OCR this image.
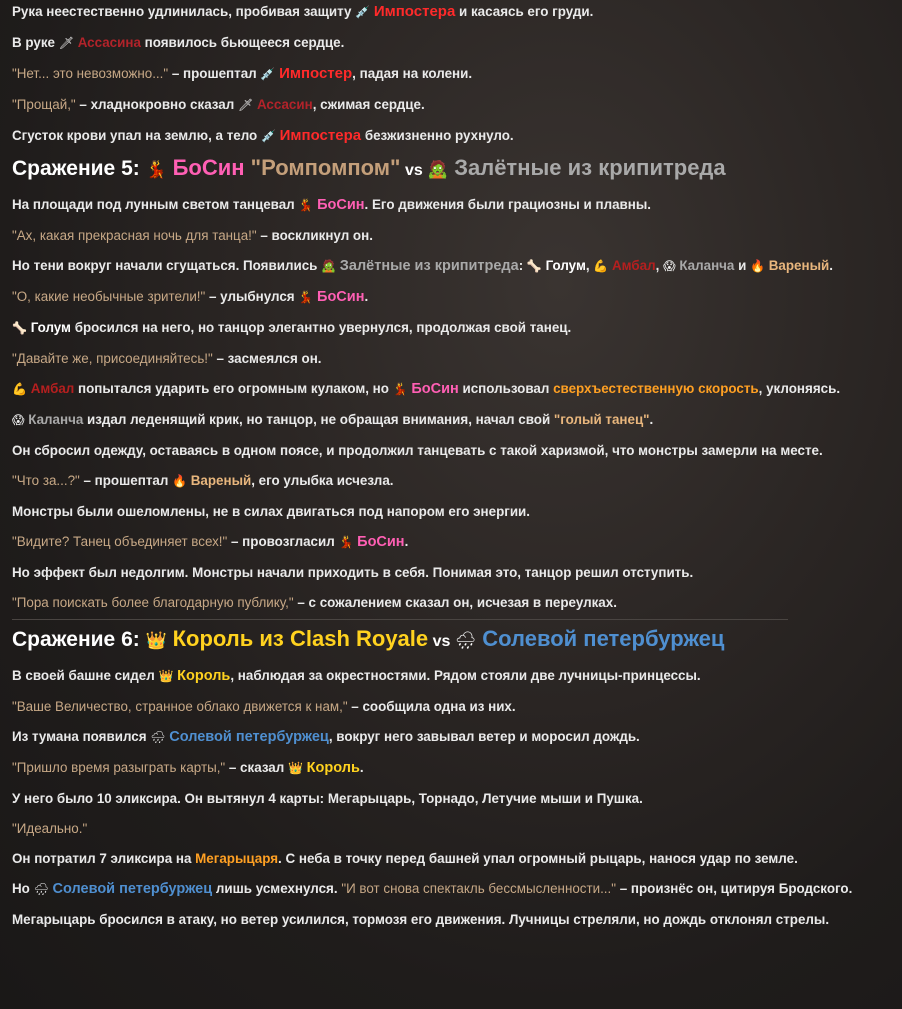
Рука неестественно удлинилась, пробивая защиту 💉 Импостера и касаясь его груди.

В руке 🗡 Ассасина появилось бьющееся сердце.

"Нет... это невозможно..." – прошептал 💉 Импостер, падая на колени.

"Прощай," – хладнокровно сказал 🗡 Ассасин, сжимая сердце.

Сгусток крови упал на землю, а тело 💉 Импостера безжизненно рухнуло.

Сражение 5: 💃 БоСин "Ромпомпом" vs 🧟 Залётные из крипитреда

На площади под лунным светом танцевал 💃 БоСин. Его движения были грациозны и плавны.

"Ах, какая прекрасная ночь для танца!" – воскликнул он.

Но тени вокруг начали сгущаться. Появились 🧟 Залётные из крипитреда: 🦴 Голум, 💪 Амбал, 😱 Каланча и 🔥 Вареный.

"О, какие необычные зрители!" – улыбнулся 💃 БоСин.

🦴 Голум бросился на него, но танцор элегантно увернулся, продолжая свой танец.

"Давайте же, присоединяйтесь!" – засмеялся он.

💪 Амбал попытался ударить его огромным кулаком, но 💃 БоСин использовал сверхъестественную скорость, уклоняясь.

😱 Каланча издал леденящий крик, но танцор, не обращая внимания, начал свой "голый танец".

Он сбросил одежду, оставаясь в одном поясе, и продолжил танцевать с такой харизмой, что монстры замерли на месте.

"Что за...?" – прошептал 🔥 Вареный, его улыбка исчезла.

Монстры были ошеломлены, не в силах двигаться под напором его энергии.

"Видите? Танец объединяет всех!" – провозгласил 💃 БоСин.

Но эффект был недолгим. Монстры начали приходить в себя. Понимая это, танцор решил отступить.

"Пора поискать более благодарную публику," – с сожалением сказал он, исчезая в переулках.

Сражение 6: 👑 Король из Clash Royale vs 🌧 Солевой петербуржец

В своей башне сидел 👑 Король, наблюдая за окрестностями. Рядом стояли две лучницы-принцессы.

"Ваше Величество, странное облако движется к нам," – сообщила одна из них.

Из тумана появился 🌧 Солевой петербуржец, вокруг него завывал ветер и моросил дождь.

"Пришло время разыграть карты," – сказал 👑 Король.

У него было 10 эликсира. Он вытянул 4 карты: Мегарыцарь, Торнадо, Летучие мыши и Пушка.

"Идеально."

Он потратил 7 эликсира на Мегарыцаря. С неба в точку перед башней упал огромный рыцарь, нанося удар по земле.

Но 🌧 Солевой петербуржец лишь усмехнулся. "И вот снова спектакль бессмысленности..." – произнёс он, цитируя Бродского.

Мегарыцарь бросился в атаку, но ветер усилился, тормозя его движения. Лучницы стреляли, но дождь отклонял стрелы.
